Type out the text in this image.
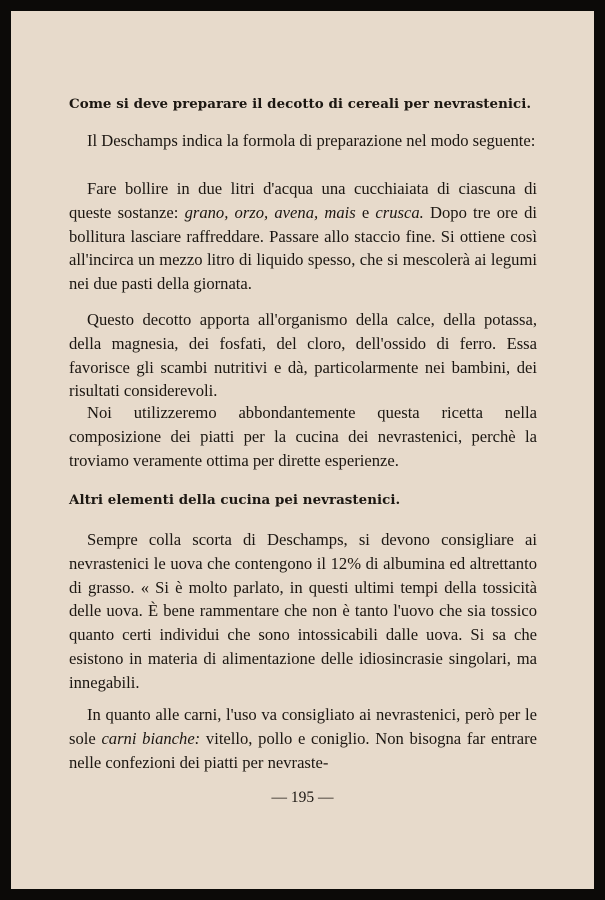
Come si deve preparare il decotto di cereali per nevrastenici.

Il Deschamps indica la formola di preparazione nel modo seguente:

Fare bollire in due litri d'acqua una cucchiaiata di ciascuna di queste sostanze: grano, orzo, avena, mais e crusca. Dopo tre ore di bollitura lasciare raffreddare. Passare allo staccio fine. Si ottiene così all'incirca un mezzo litro di liquido spesso, che si mescolerà ai legumi nei due pasti della giornata.

Questo decotto apporta all'organismo della calce, della potassa, della magnesia, dei fosfati, del cloro, dell'ossido di ferro. Essa favorisce gli scambi nutritivi e dà, particolarmente nei bambini, dei risultati considerevoli.

Noi utilizzeremo abbondantemente questa ricetta nella composizione dei piatti per la cucina dei nevrastenici, perchè la troviamo veramente ottima per dirette esperienze.

Altri elementi della cucina pei nevrastenici.

Sempre colla scorta di Deschamps, si devono consigliare ai nevrastenici le uova che contengono il 12% di albumina ed altrettanto di grasso. « Si è molto parlato, in questi ultimi tempi della tossicità delle uova. È bene rammentare che non è tanto l'uovo che sia tossico quanto certi individui che sono intossicabili dalle uova. Si sa che esistono in materia di alimentazione delle idiosincrasie singolari, ma innegabili.

In quanto alle carni, l'uso va consigliato ai nevrastenici, però per le sole carni bianche: vitello, pollo e coniglio. Non bisogna far entrare nelle confezioni dei piatti per nevraste-

— 195 —
